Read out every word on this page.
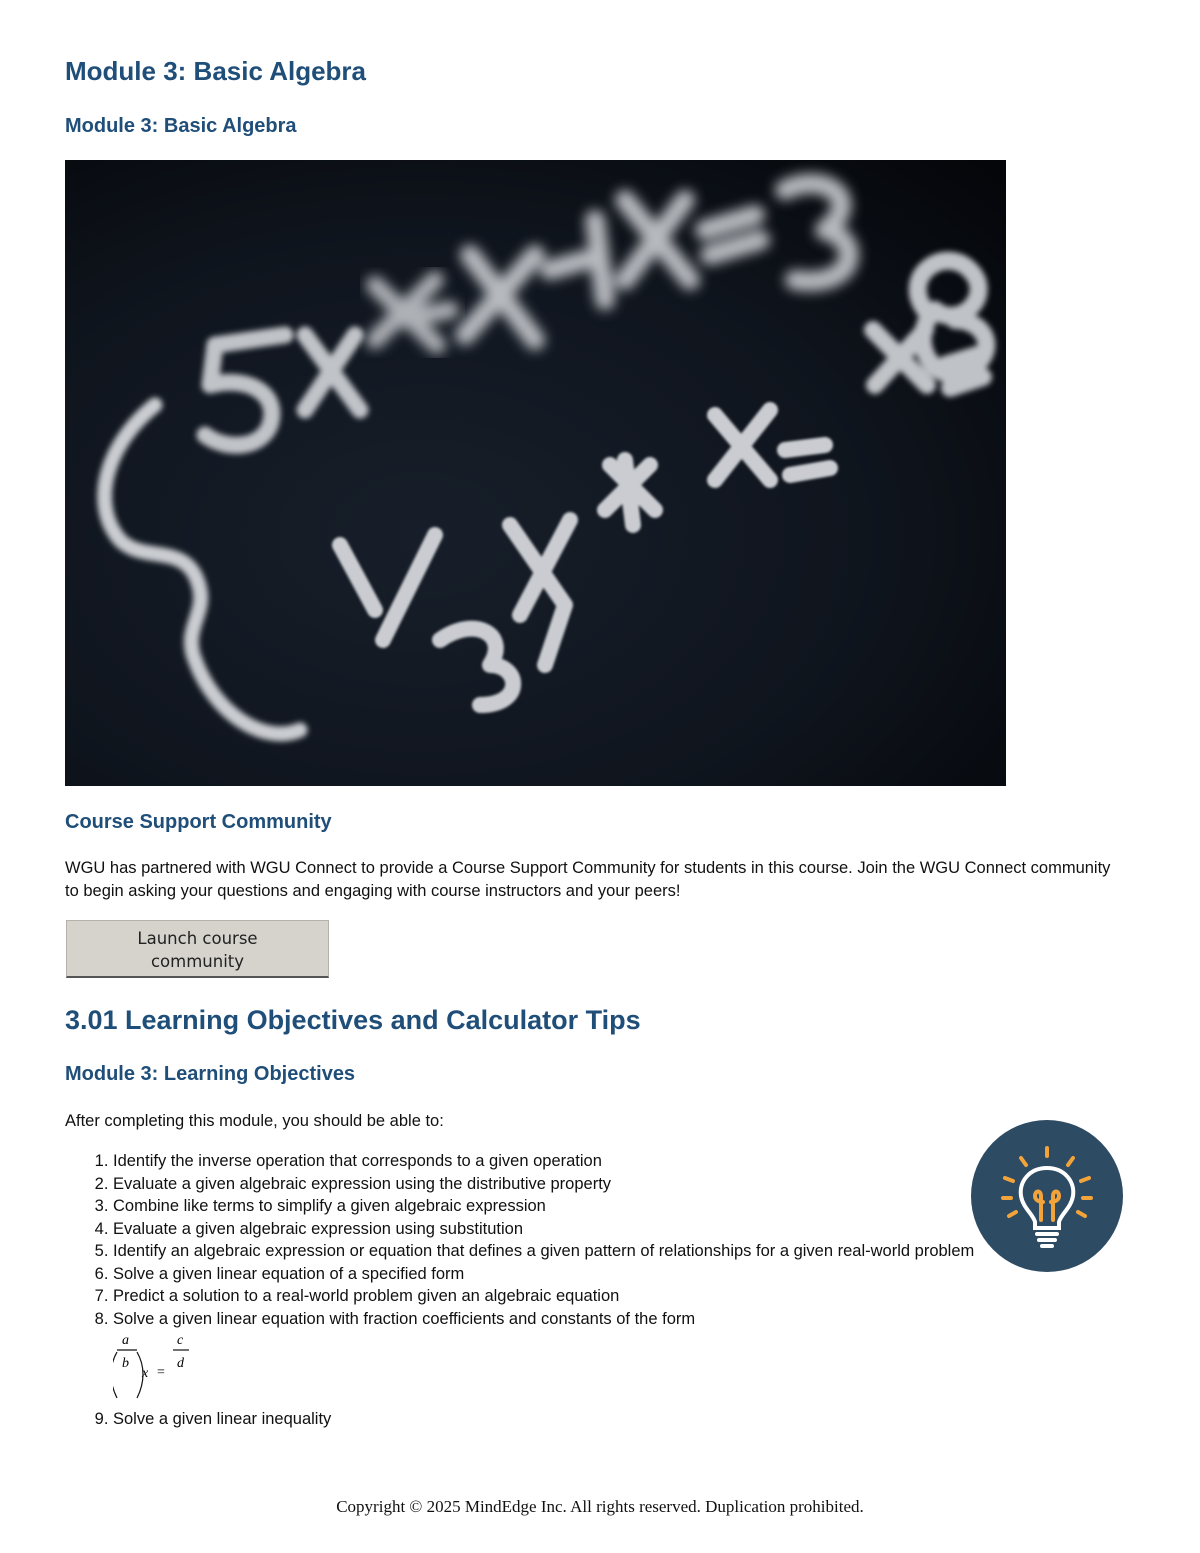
Module 3: Basic Algebra
Module 3: Basic Algebra
Course Support Community

WGU has partnered with WGU Connect to provide a Course Support Community for students in this course. Join the WGU Connect community to begin asking your questions and engaging with course instructors and your peers!

Launch course community
3.01 Learning Objectives and Calculator Tips
Module 3: Learning Objectives

After completing this module, you should be able to:

1. Identify the inverse operation that corresponds to a given operation
2. Evaluate a given algebraic expression using the distributive property
3. Combine like terms to simplify a given algebraic expression
4. Evaluate a given algebraic expression using substitution
5. Identify an algebraic expression or equation that defines a given pattern of relationships for a given real-world problem
6. Solve a given linear equation of a specified form
7. Predict a solution to a real-world problem given an algebraic equation
8. Solve a given linear equation with fraction coefficients and constants of the form
a
b
x =
c
d
9. Solve a given linear inequality
Copyright © 2025 MindEdge Inc. All rights reserved. Duplication prohibited.
